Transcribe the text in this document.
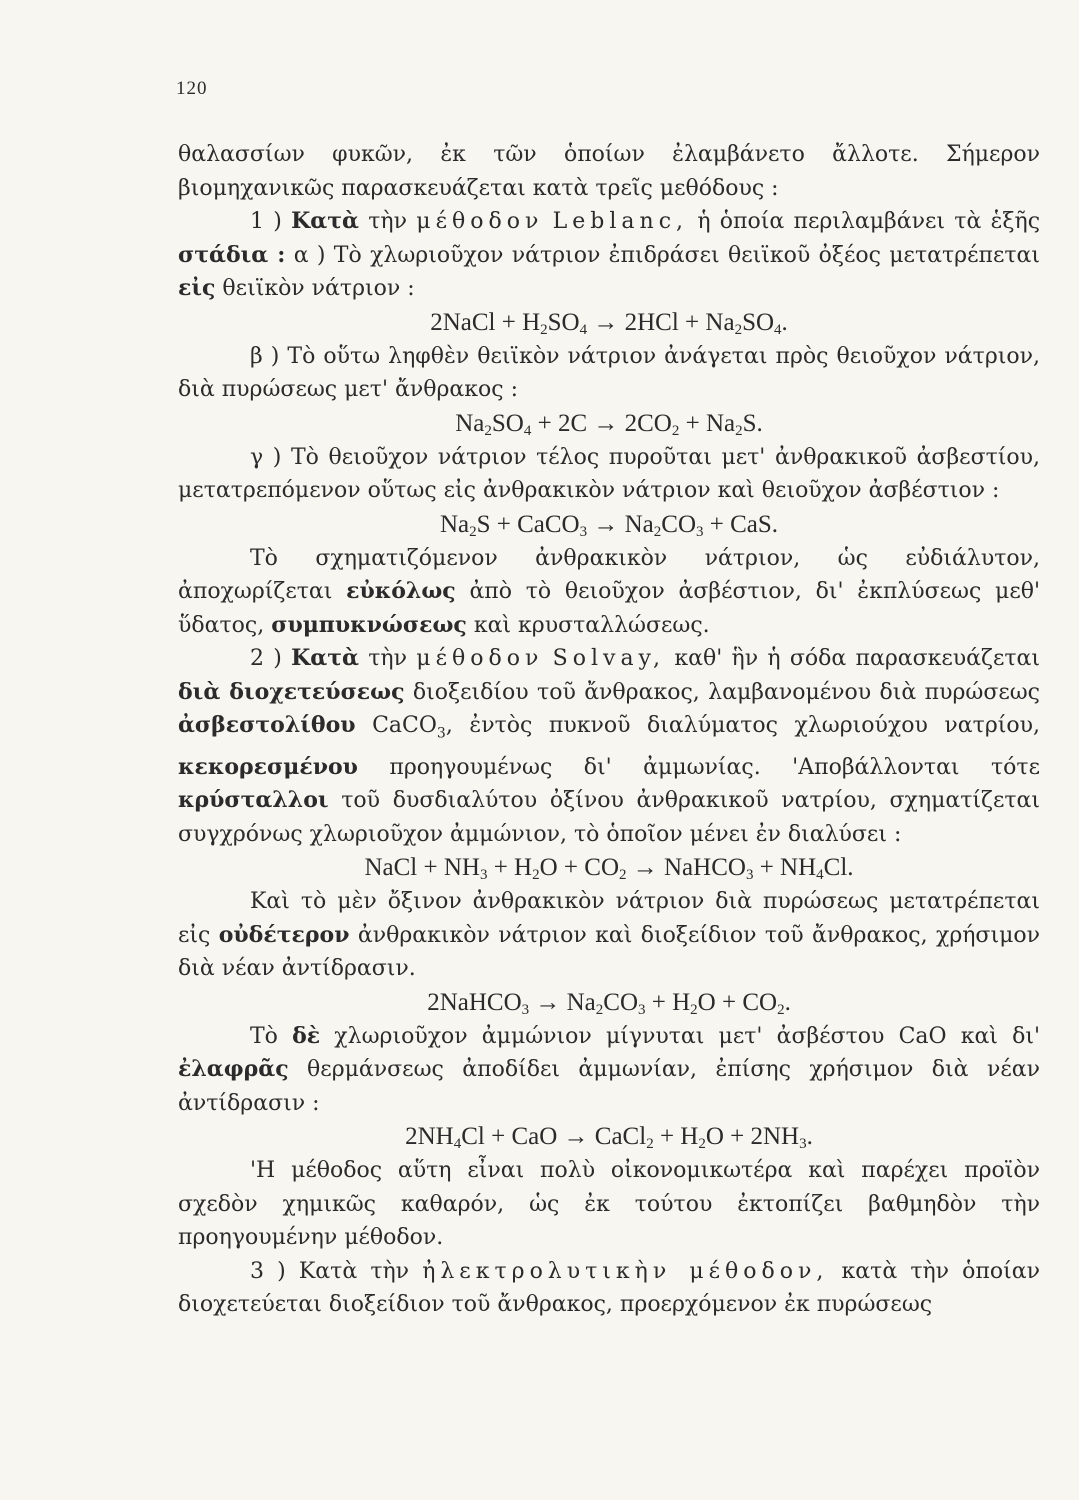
120

θαλασσίων φυκῶν, ἐκ τῶν ὁποίων ἐλαμβάνετο ἄλλοτε. Σήμερον βιομηχανικῶς παρασκευάζεται κατὰ τρεῖς μεθόδους :

1 ) Κατὰ τὴν μέθοδον Leblanc, ἡ ὁποία περιλαμβάνει τὰ ἑξῆς στάδια : α ) Τὸ χλωριοῦχον νάτριον ἐπιδράσει θειϊκοῦ ὀξέος μετατρέπεται εἰς θειϊκὸν νάτριον :

2NaCl + $H_2SO_4 \to 2HCl + Na_2SO_4$.

β ) Τὸ οὕτω ληφθὲν θειϊκὸν νάτριον ἀνάγεται πρὸς θειοῦχον νάτριον, διὰ πυρώσεως μετ' ἄνθρακος :

$Na_2SO_4 + 2C \to 2CO_2 + Na_2S$.

γ ) Τὸ θειοῦχον νάτριον τέλος πυροῦται μετ' ἀνθρακικοῦ ἀσβεστίου, μετατρεπόμενον οὕτως εἰς ἀνθρακικὸν νάτριον καὶ θειοῦχον ἀσβέστιον :

$Na_2S$ + CaCO$_3$ → $Na_2CO_3$ + CaS.

Τὸ σχηματιζόμενον ἀνθρακικὸν νάτριον, ὡς εὐδιάλυτον, ἀποχωρίζεται εὐκόλως ἀπὸ τὸ θειοῦχον ἀσβέστιον, δι' ἐκπλύσεως μεθ' ὕδατος, συμπυκνώσεως καὶ κρυσταλλώσεως.

2 ) Κατὰ τὴν μέθοδον Solvay, καθ' ἣν ἡ σόδα παρασκευάζεται διὰ διοχετεύσεως διοξειδίου τοῦ ἄνθρακος, λαμβανομένου διὰ πυρώσεως ἀσβεστολίθου CaCO$_3$, ἐντὸς πυκνοῦ διαλύματος χλωριούχου νατρίου, κεκορεσμένου προηγουμένως δι' ἀμμωνίας. 'Αποβάλλονται τότε κρύσταλλοι τοῦ δυσδιαλύτου ὀξίνου ἀνθρακικοῦ νατρίου, σχηματίζεται συγχρόνως χλωριοῦχον ἀμμώνιον, τὸ ὁποῖον μένει ἐν διαλύσει :

NaCl + $NH_3 + H_2O + CO_2$ → NaHCO$_3$ + $NH_4Cl$.

Καὶ τὸ μὲν ὄξινον ἀνθρακικὸν νάτριον διὰ πυρώσεως μετατρέπεται εἰς οὐδέτερον ἀνθρακικὸν νάτριον καὶ διοξείδιον τοῦ ἄνθρακος, χρήσιμον διὰ νέαν ἀντίδρασιν.

2NaHCO$_3$ → $Na_2CO_3 + H_2O + CO_2$.

Τὸ δὲ χλωριοῦχον ἀμμώνιον μίγνυται μετ' ἀσβέστου CaO καὶ δι' ἐλαφρᾶς θερμάνσεως ἀποδίδει ἀμμωνίαν, ἐπίσης χρήσιμον διὰ νέαν ἀντίδρασιν :

$2NH_4Cl$ + CaO → CaCl$_2$ + $H_2O + 2NH_3$.

'Η μέθοδος αὕτη εἶναι πολὺ οἰκονομικωτέρα καὶ παρέχει προϊὸν σχεδὸν χημικῶς καθαρόν, ὡς ἐκ τούτου ἐκτοπίζει βαθμηδὸν τὴν προηγουμένην μέθοδον.

3 ) Κατὰ τὴν ἠλεκτρολυτικὴν μέθοδον, κατὰ τὴν ὁποίαν διοχετεύεται διοξείδιον τοῦ ἄνθρακος, προερχόμενον ἐκ πυρώσεως
